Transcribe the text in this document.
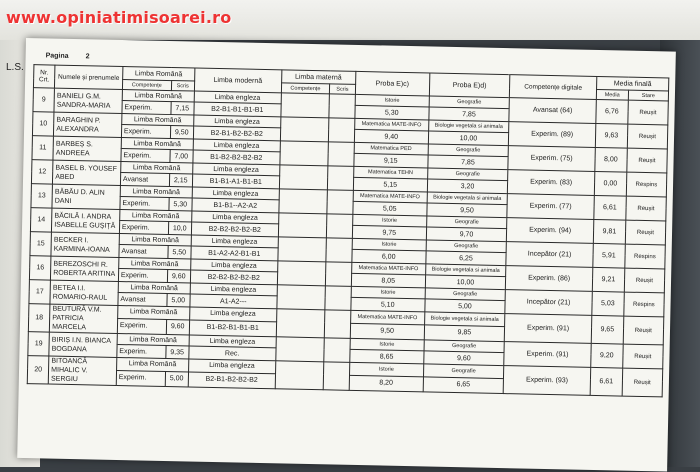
www.opiniatimisoarei.ro
L.S.
Pagina 2
Nr. Crt.	Numele și prenumele	Limba Română		Limba modernă	Limba maternă		Proba E)c)	Proba E)d)	Competențe digitale	Media finală	
		Competențe	Scris		Competențe	Scris				Media	Stare
9	BANIELI G.M. SANDRA-MARIA	Limba Română		Limba engleza			Istorie	Geografie	Avansat (64)	6,76	Reușit
		Experim.	7,15	B2-B1-B1-B1-B1			5,30	7,85			
10	BARAGHIN P. ALEXANDRA	Limba Română		Limba engleza			Matematica MATE-INFO	Biologie vegetala si animala	Experim. (89)	9,63	Reușit
		Experim.	9,50	B2-B1-B2-B2-B2			9,40	10,00			
11	BARBEȘ S. ANDREEA	Limba Română		Limba engleza			Matematica PED	Geografie	Experim. (75)	8,00	Reușit
		Experim.	7,00	B1-B2-B2-B2-B2			9,15	7,85			
12	BASEL B. YOUSEF ABED	Limba Română		Limba engleza			Matematica TEHN	Geografie	Experim. (83)	0,00	Respins
		Avansat	2,15	B1-B1-A1-B1-B1			5,15	3,20			
13	BĂBĂU D. ALIN DANI	Limba Română		Limba engleza			Matematica MATE-INFO	Biologie vegetala si animala	Experim. (77)	6,61	Reușit
		Experim.	5,30	B1-B1--A2-A2			5,05	9,50			
14	BĂCILĂ I. ANDRA ISABELLE GUȘIȚĂ	Limba Română		Limba engleza			Istorie	Geografie	Experim. (94)	9,81	Reușit
		Experim.	10,0	B2-B2-B2-B2-B2			9,75	9,70			
15	BECKER I. KARMINA-IOANA	Limba Română		Limba engleza			Istorie	Geografie	Incepător (21)	5,91	Respins
		Avansat	5,50	B1-A2-A2-B1-B1			6,00	6,25			
16	BEREZOSCHI R. ROBERTA ARITINA	Limba Română		Limba engleza			Matematica MATE-INFO	Biologie vegetala si animala	Experim. (86)	9,21	Reușit
		Experim.	9,60	B2-B2-B2-B2-B2			8,05	10,00			
17	BETEA I.I. ROMARIO-RAUL	Limba Română		Limba engleza			Istorie	Geografie	Incepător (21)	5,03	Respins
		Avansat	5,00	A1-A2---			5,10	5,00			
18	BEUTURĂ V.M. PATRICIA MARCELA	Limba Română		Limba engleza			Matematica MATE-INFO	Biologie vegetala si animala	Experim. (91)	9,65	Reușit
		Experim.	9,60	B1-B2-B1-B1-B1			9,50	9,85			
19	BIRIȘ I.N. BIANCA BOGDANA	Limba Română		Limba engleza			Istorie	Geografie	Experim. (91)	9,20	Reușit
		Experim.	9,35	Rec.			8,65	9,60			
20	BITOANCĂ MIHALIC V. SERGIU	Limba Română		Limba engleza			Istorie	Geografie	Experim. (93)	6,61	Reușit
		Experim.	5,00	B2-B1-B2-B2-B2			8,20	6,65			
